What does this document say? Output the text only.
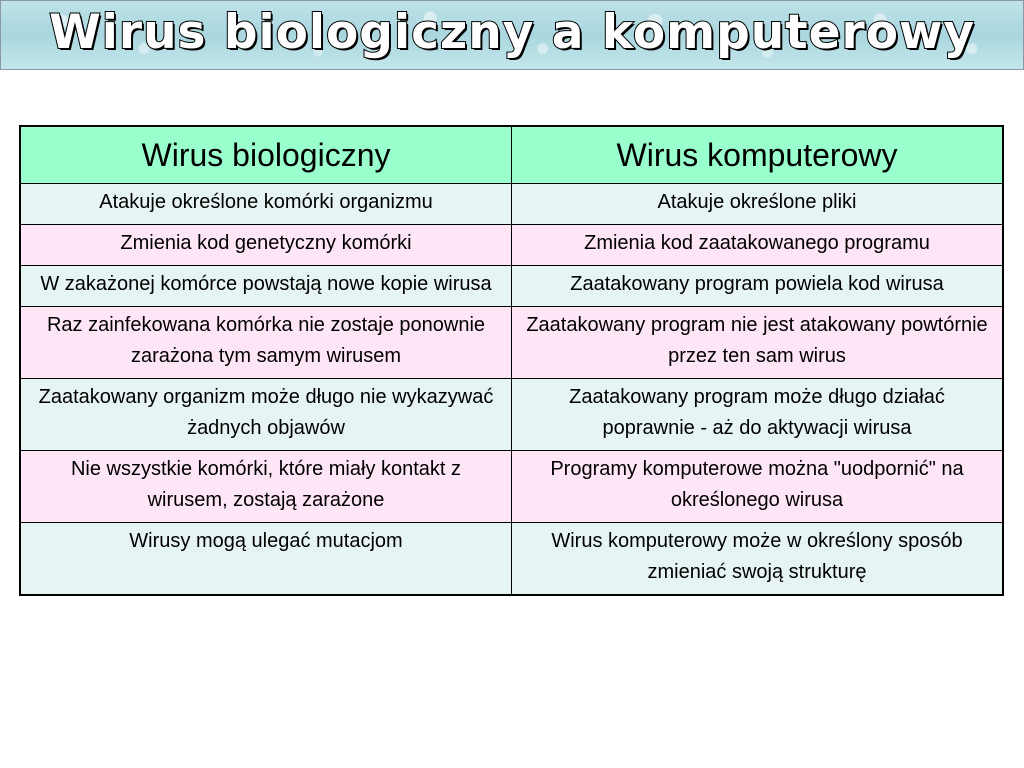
Wirus biologiczny a komputerowy
Wirus biologiczny	Wirus komputerowy
Atakuje określone komórki organizmu	Atakuje określone pliki
Zmienia kod genetyczny komórki	Zmienia kod zaatakowanego programu
W zakażonej komórce powstają nowe kopie wirusa	Zaatakowany program powiela kod wirusa
Raz zainfekowana komórka nie zostaje ponownie zarażona tym samym wirusem	Zaatakowany program nie jest atakowany powtórnie przez ten sam wirus
Zaatakowany organizm może długo nie wykazywać żadnych objawów	Zaatakowany program może długo działać poprawnie - aż do aktywacji wirusa
Nie wszystkie komórki, które miały kontakt z wirusem, zostają zarażone	Programy komputerowe można "uodpornić" na określonego wirusa
Wirusy mogą ulegać mutacjom	Wirus komputerowy może w określony sposób zmieniać swoją strukturę
